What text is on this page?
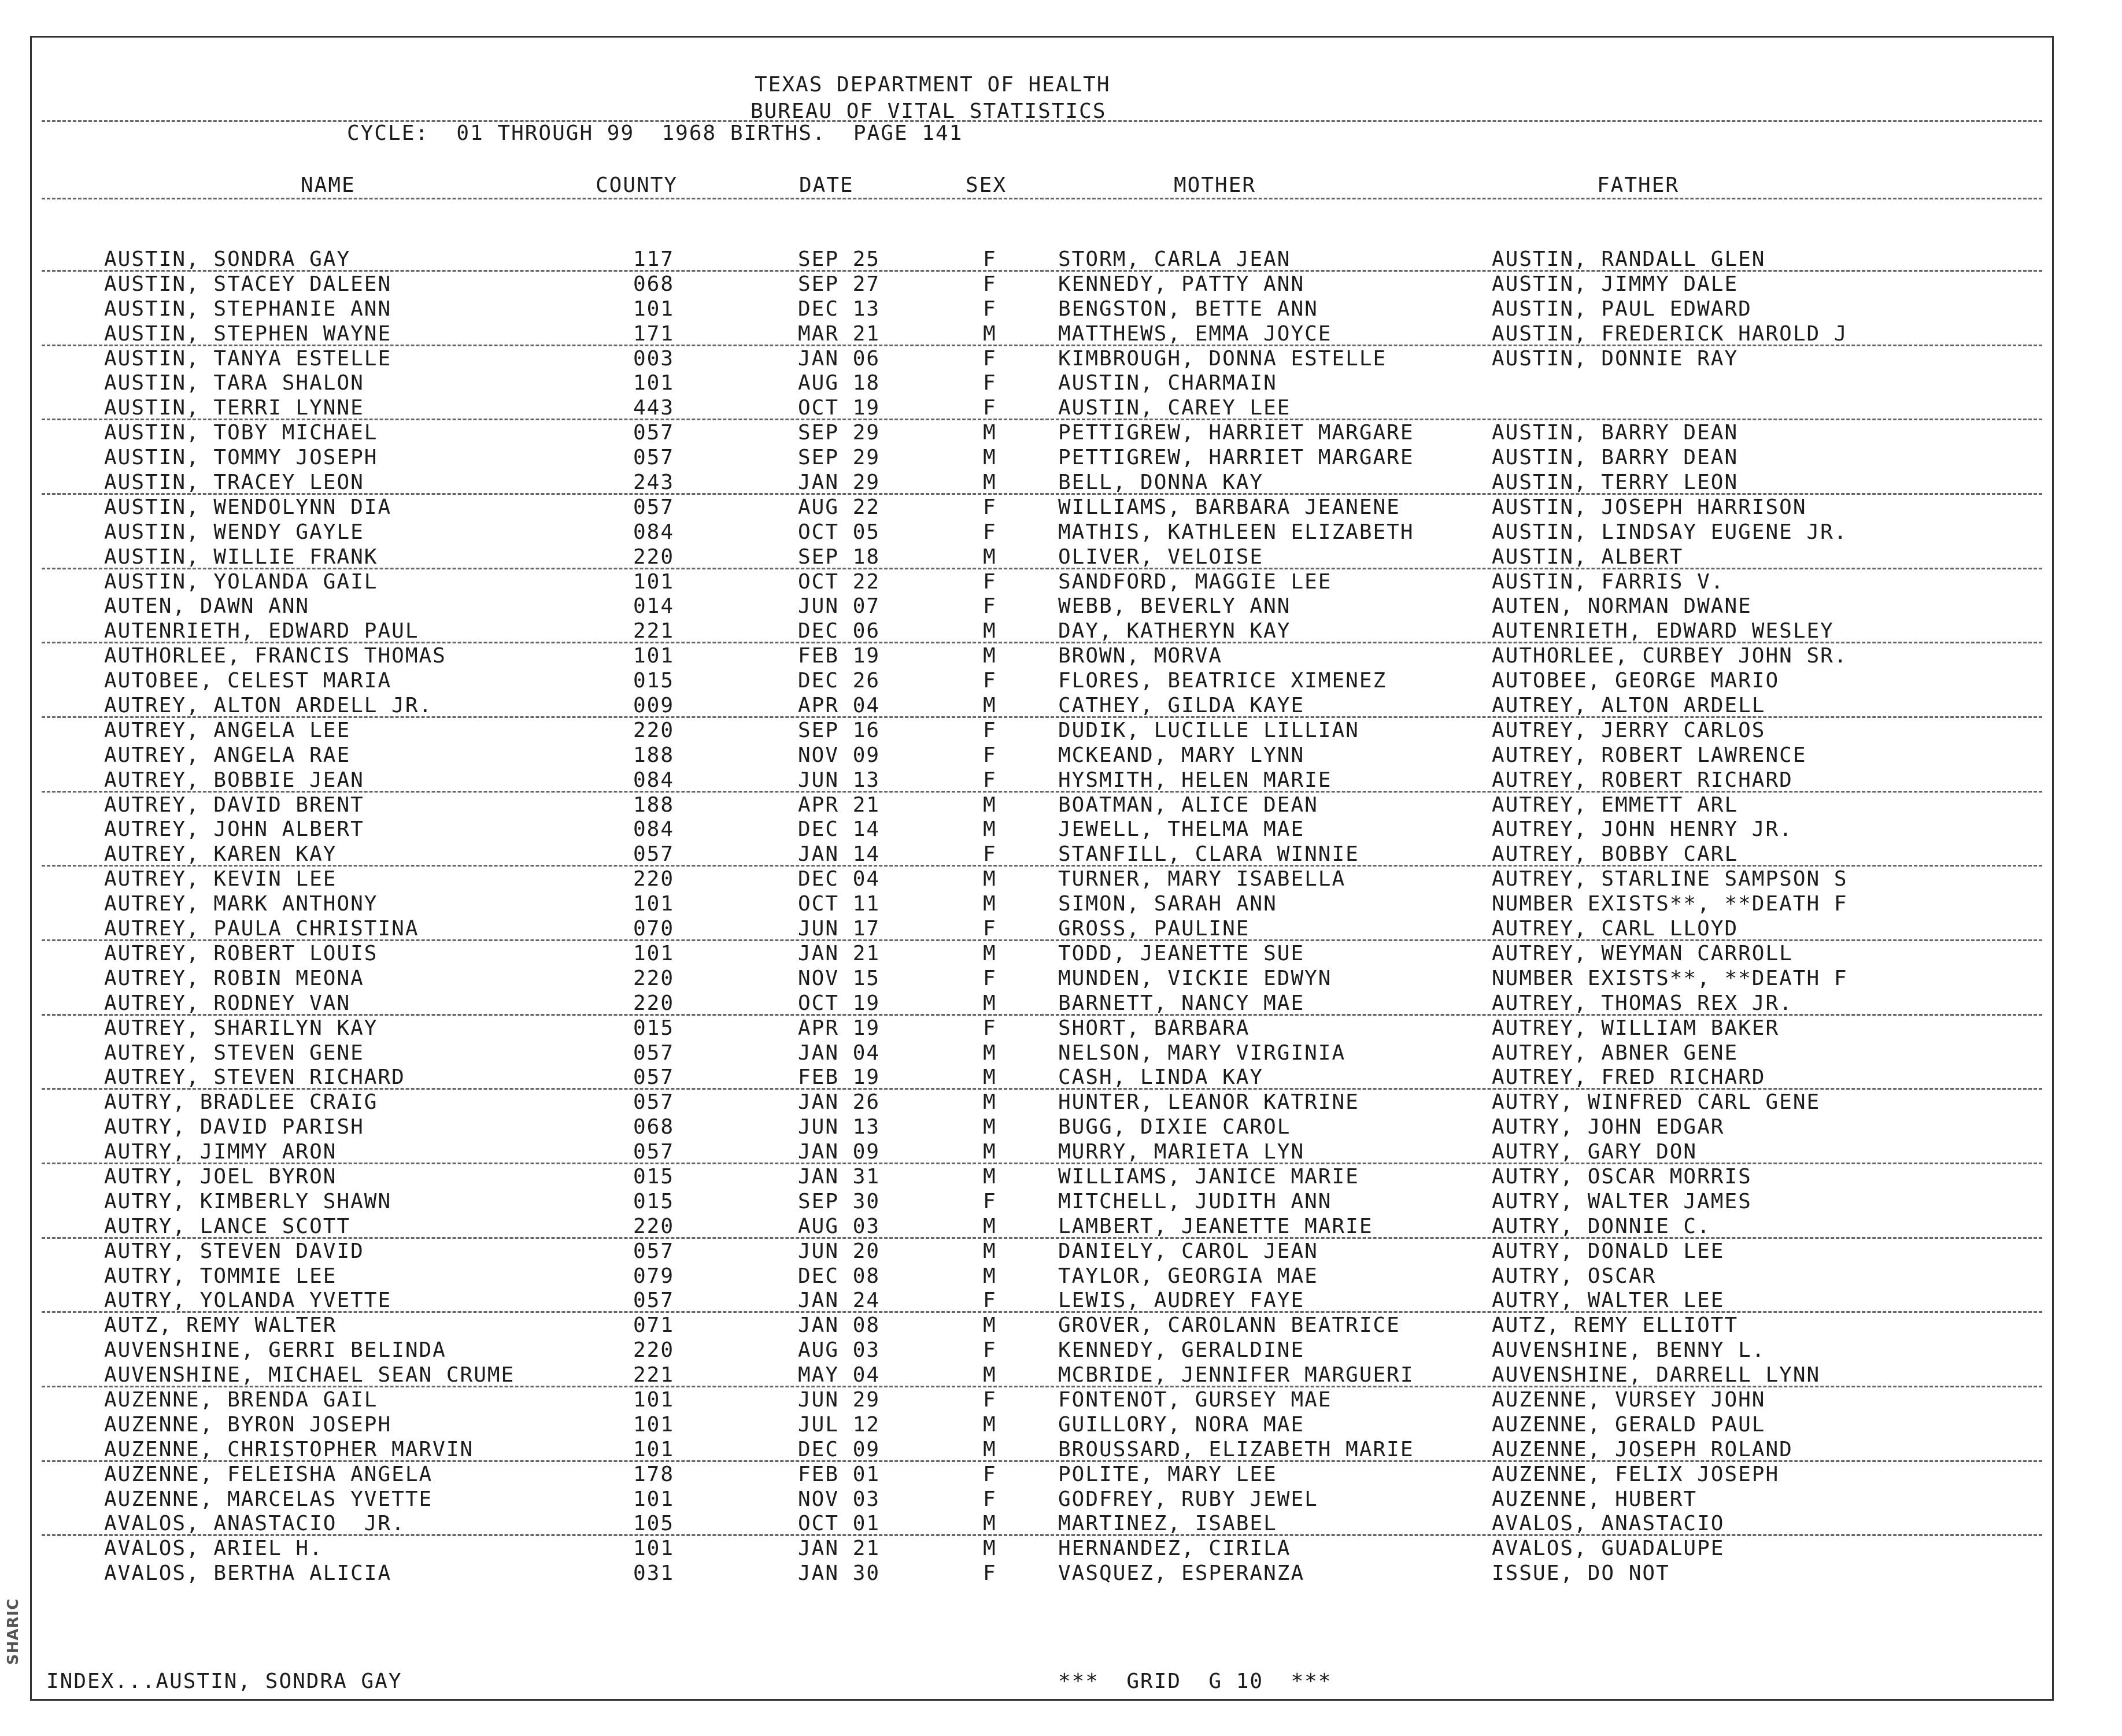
SHARIC
TEXAS DEPARTMENT OF HEALTH
BUREAU OF VITAL STATISTICS
CYCLE:  01 THROUGH 99  1968 BIRTHS.  PAGE 141
NAME	COUNTY	DATE	SEX	MOTHER	FATHER
AUSTIN, SONDRA GAY	117	SEP 25	F	STORM, CARLA JEAN	AUSTIN, RANDALL GLEN
AUSTIN, STACEY DALEEN	068	SEP 27	F	KENNEDY, PATTY ANN	AUSTIN, JIMMY DALE
AUSTIN, STEPHANIE ANN	101	DEC 13	F	BENGSTON, BETTE ANN	AUSTIN, PAUL EDWARD
AUSTIN, STEPHEN WAYNE	171	MAR 21	M	MATTHEWS, EMMA JOYCE	AUSTIN, FREDERICK HAROLD J
AUSTIN, TANYA ESTELLE	003	JAN 06	F	KIMBROUGH, DONNA ESTELLE	AUSTIN, DONNIE RAY
AUSTIN, TARA SHALON	101	AUG 18	F	AUSTIN, CHARMAIN
AUSTIN, TERRI LYNNE	443	OCT 19	F	AUSTIN, CAREY LEE
AUSTIN, TOBY MICHAEL	057	SEP 29	M	PETTIGREW, HARRIET MARGARE	AUSTIN, BARRY DEAN
AUSTIN, TOMMY JOSEPH	057	SEP 29	M	PETTIGREW, HARRIET MARGARE	AUSTIN, BARRY DEAN
AUSTIN, TRACEY LEON	243	JAN 29	M	BELL, DONNA KAY	AUSTIN, TERRY LEON
AUSTIN, WENDOLYNN DIA	057	AUG 22	F	WILLIAMS, BARBARA JEANENE	AUSTIN, JOSEPH HARRISON
AUSTIN, WENDY GAYLE	084	OCT 05	F	MATHIS, KATHLEEN ELIZABETH	AUSTIN, LINDSAY EUGENE JR.
AUSTIN, WILLIE FRANK	220	SEP 18	M	OLIVER, VELOISE	AUSTIN, ALBERT
AUSTIN, YOLANDA GAIL	101	OCT 22	F	SANDFORD, MAGGIE LEE	AUSTIN, FARRIS V.
AUTEN, DAWN ANN	014	JUN 07	F	WEBB, BEVERLY ANN	AUTEN, NORMAN DWANE
AUTENRIETH, EDWARD PAUL	221	DEC 06	M	DAY, KATHERYN KAY	AUTENRIETH, EDWARD WESLEY
AUTHORLEE, FRANCIS THOMAS	101	FEB 19	M	BROWN, MORVA	AUTHORLEE, CURBEY JOHN SR.
AUTOBEE, CELEST MARIA	015	DEC 26	F	FLORES, BEATRICE XIMENEZ	AUTOBEE, GEORGE MARIO
AUTREY, ALTON ARDELL JR.	009	APR 04	M	CATHEY, GILDA KAYE	AUTREY, ALTON ARDELL
AUTREY, ANGELA LEE	220	SEP 16	F	DUDIK, LUCILLE LILLIAN	AUTREY, JERRY CARLOS
AUTREY, ANGELA RAE	188	NOV 09	F	MCKEAND, MARY LYNN	AUTREY, ROBERT LAWRENCE
AUTREY, BOBBIE JEAN	084	JUN 13	F	HYSMITH, HELEN MARIE	AUTREY, ROBERT RICHARD
AUTREY, DAVID BRENT	188	APR 21	M	BOATMAN, ALICE DEAN	AUTREY, EMMETT ARL
AUTREY, JOHN ALBERT	084	DEC 14	M	JEWELL, THELMA MAE	AUTREY, JOHN HENRY JR.
AUTREY, KAREN KAY	057	JAN 14	F	STANFILL, CLARA WINNIE	AUTREY, BOBBY CARL
AUTREY, KEVIN LEE	220	DEC 04	M	TURNER, MARY ISABELLA	AUTREY, STARLINE SAMPSON S
AUTREY, MARK ANTHONY	101	OCT 11	M	SIMON, SARAH ANN	NUMBER EXISTS**, **DEATH F
AUTREY, PAULA CHRISTINA	070	JUN 17	F	GROSS, PAULINE	AUTREY, CARL LLOYD
AUTREY, ROBERT LOUIS	101	JAN 21	M	TODD, JEANETTE SUE	AUTREY, WEYMAN CARROLL
AUTREY, ROBIN MEONA	220	NOV 15	F	MUNDEN, VICKIE EDWYN	NUMBER EXISTS**, **DEATH F
AUTREY, RODNEY VAN	220	OCT 19	M	BARNETT, NANCY MAE	AUTREY, THOMAS REX JR.
AUTREY, SHARILYN KAY	015	APR 19	F	SHORT, BARBARA	AUTREY, WILLIAM BAKER
AUTREY, STEVEN GENE	057	JAN 04	M	NELSON, MARY VIRGINIA	AUTREY, ABNER GENE
AUTREY, STEVEN RICHARD	057	FEB 19	M	CASH, LINDA KAY	AUTREY, FRED RICHARD
AUTRY, BRADLEE CRAIG	057	JAN 26	M	HUNTER, LEANOR KATRINE	AUTRY, WINFRED CARL GENE
AUTRY, DAVID PARISH	068	JUN 13	M	BUGG, DIXIE CAROL	AUTRY, JOHN EDGAR
AUTRY, JIMMY ARON	057	JAN 09	M	MURRY, MARIETA LYN	AUTRY, GARY DON
AUTRY, JOEL BYRON	015	JAN 31	M	WILLIAMS, JANICE MARIE	AUTRY, OSCAR MORRIS
AUTRY, KIMBERLY SHAWN	015	SEP 30	F	MITCHELL, JUDITH ANN	AUTRY, WALTER JAMES
AUTRY, LANCE SCOTT	220	AUG 03	M	LAMBERT, JEANETTE MARIE	AUTRY, DONNIE C.
AUTRY, STEVEN DAVID	057	JUN 20	M	DANIELY, CAROL JEAN	AUTRY, DONALD LEE
AUTRY, TOMMIE LEE	079	DEC 08	M	TAYLOR, GEORGIA MAE	AUTRY, OSCAR
AUTRY, YOLANDA YVETTE	057	JAN 24	F	LEWIS, AUDREY FAYE	AUTRY, WALTER LEE
AUTZ, REMY WALTER	071	JAN 08	M	GROVER, CAROLANN BEATRICE	AUTZ, REMY ELLIOTT
AUVENSHINE, GERRI BELINDA	220	AUG 03	F	KENNEDY, GERALDINE	AUVENSHINE, BENNY L.
AUVENSHINE, MICHAEL SEAN CRUME	221	MAY 04	M	MCBRIDE, JENNIFER MARGUERI	AUVENSHINE, DARRELL LYNN
AUZENNE, BRENDA GAIL	101	JUN 29	F	FONTENOT, GURSEY MAE	AUZENNE, VURSEY JOHN
AUZENNE, BYRON JOSEPH	101	JUL 12	M	GUILLORY, NORA MAE	AUZENNE, GERALD PAUL
AUZENNE, CHRISTOPHER MARVIN	101	DEC 09	M	BROUSSARD, ELIZABETH MARIE	AUZENNE, JOSEPH ROLAND
AUZENNE, FELEISHA ANGELA	178	FEB 01	F	POLITE, MARY LEE	AUZENNE, FELIX JOSEPH
AUZENNE, MARCELAS YVETTE	101	NOV 03	F	GODFREY, RUBY JEWEL	AUZENNE, HUBERT
AVALOS, ANASTACIO  JR.	105	OCT 01	M	MARTINEZ, ISABEL	AVALOS, ANASTACIO
AVALOS, ARIEL H.	101	JAN 21	M	HERNANDEZ, CIRILA	AVALOS, GUADALUPE
AVALOS, BERTHA ALICIA	031	JAN 30	F	VASQUEZ, ESPERANZA	ISSUE, DO NOT
INDEX...AUSTIN, SONDRA GAY	***  GRID  G 10  ***
